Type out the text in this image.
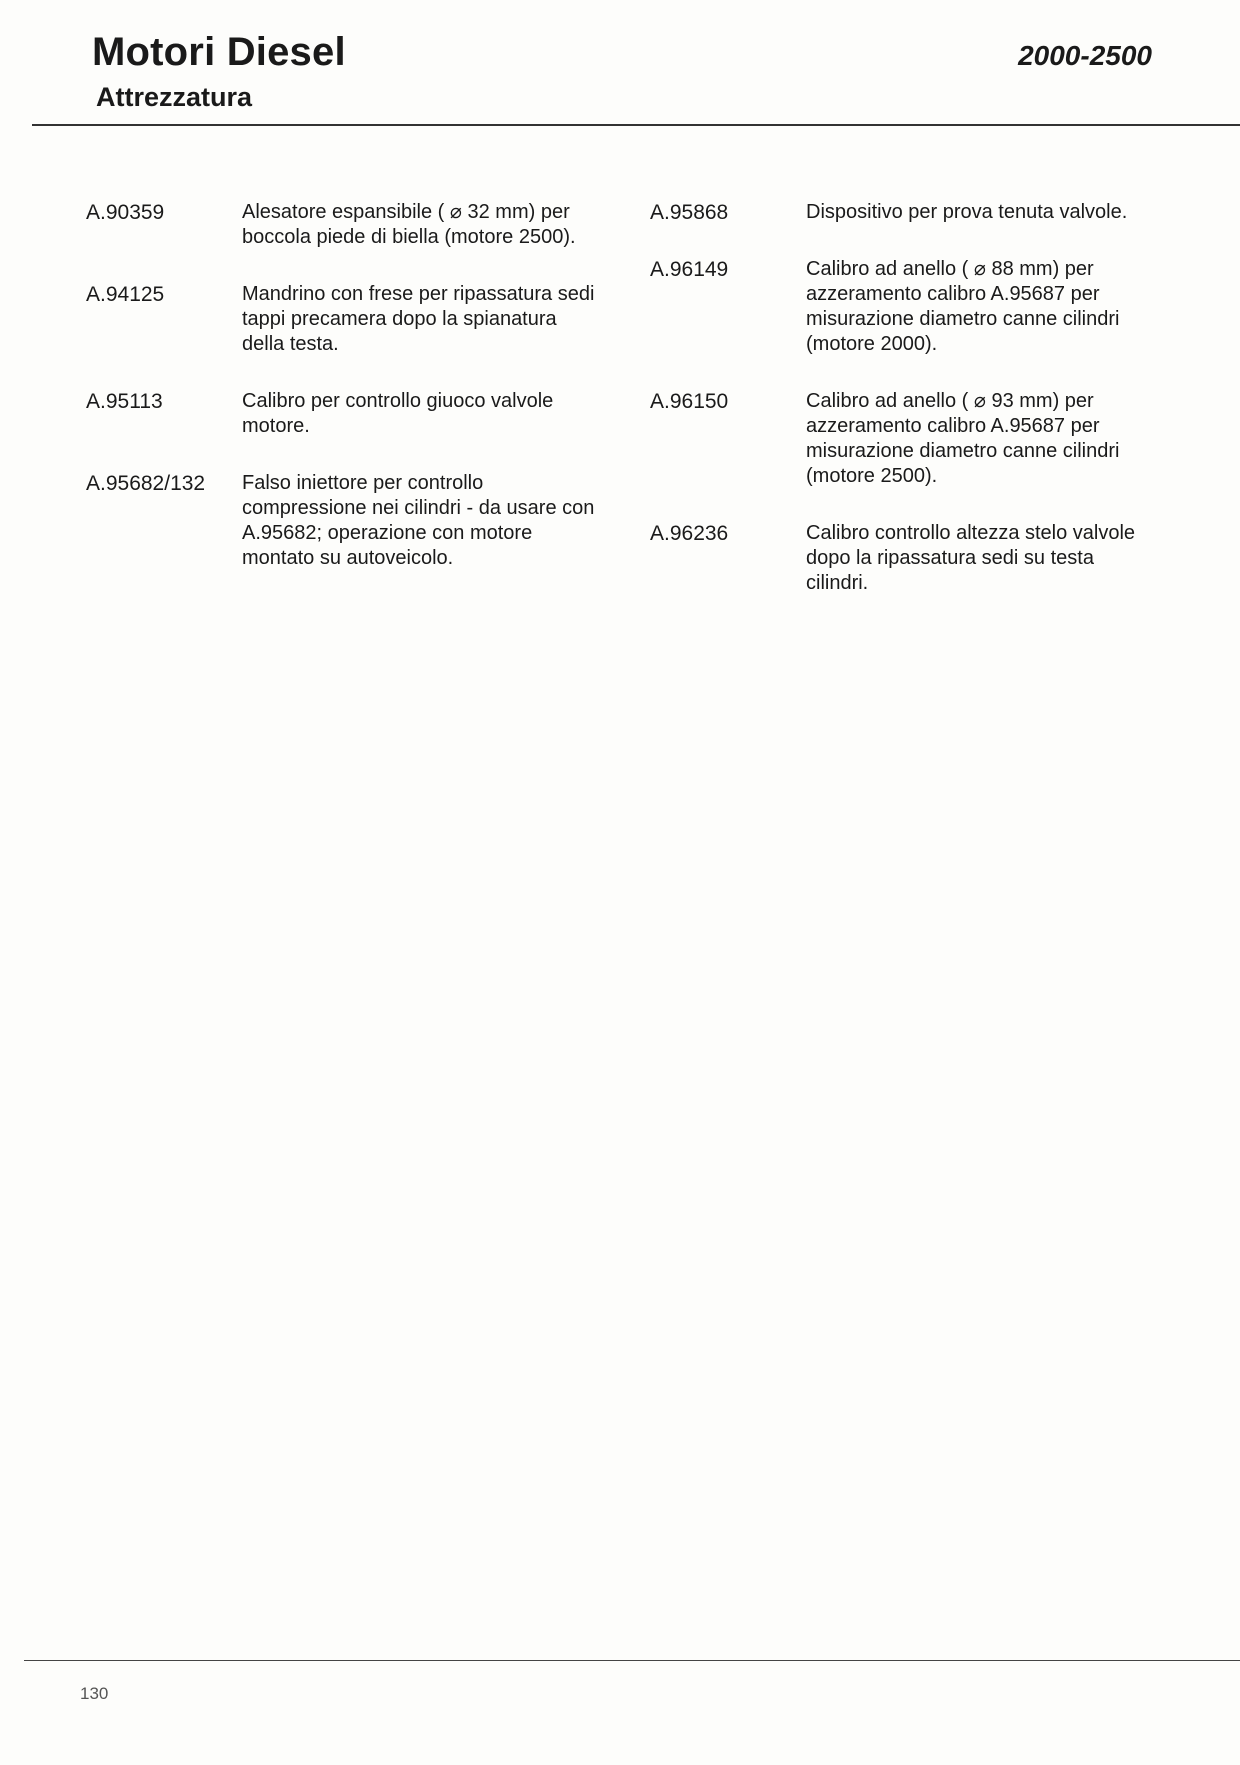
Motori Diesel
Attrezzatura
2000-2500
A.90359	Alesatore espansibile ( ⌀ 32 mm) per boccola piede di biella (motore 2500).
A.94125	Mandrino con frese per ripassatura sedi tappi precamera dopo la spianatura della testa.
A.95113	Calibro per controllo giuoco valvole motore.
A.95682/132	Falso iniettore per controllo compressione nei cilindri - da usare con A.95682; operazione con motore montato su autoveicolo.
A.95868	Dispositivo per prova tenuta valvole.
A.96149	Calibro ad anello ( ⌀ 88 mm) per azzeramento calibro A.95687 per misurazione diametro canne cilindri (motore 2000).
A.96150	Calibro ad anello ( ⌀ 93 mm) per azzeramento calibro A.95687 per misurazione diametro canne cilindri (motore 2500).
A.96236	Calibro controllo altezza stelo valvole dopo la ripassatura sedi su testa cilindri.
130
